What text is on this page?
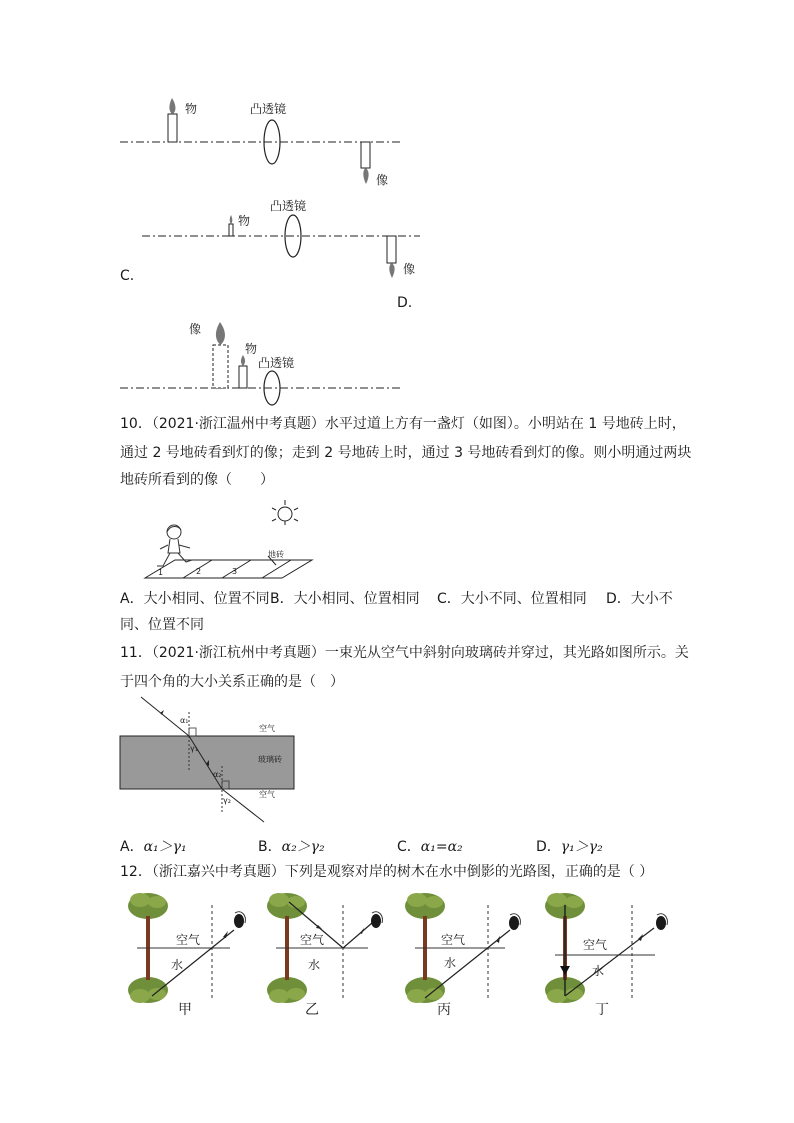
物	凸透镜
像
物
凸透镜
像
C.
D.
像
物
凸透镜
10．（2021·浙江温州中考真题）水平过道上方有一盏灯（如图）。小明站在 1 号地砖上时，
通过 2 号地砖看到灯的像；走到 2 号地砖上时，通过 3 号地砖看到灯的像。则小明通过两块
地砖所看到的像（　　）
地砖
1	2	3
A．大小相同、位置不同 B．大小相同、位置相同 C．大小不同、位置相同 D．大小不
同、位置不同
11．（2021·浙江杭州中考真题）一束光从空气中斜射向玻璃砖并穿过，其光路如图所示。关
于四个角的大小关系正确的是（　）
空气
玻璃砖
空气
α₁
γ₁
α₂
γ₂
A．α₁＞γ₁	B．α₂＞γ₂	C．α₁=α₂	D．γ₁＞γ₂
12．（浙江嘉兴中考真题）下列是观察对岸的树木在水中倒影的光路图，正确的是（ ）
空气
水
甲
空气
水
乙
空气
水
丙
空气
水
丁
